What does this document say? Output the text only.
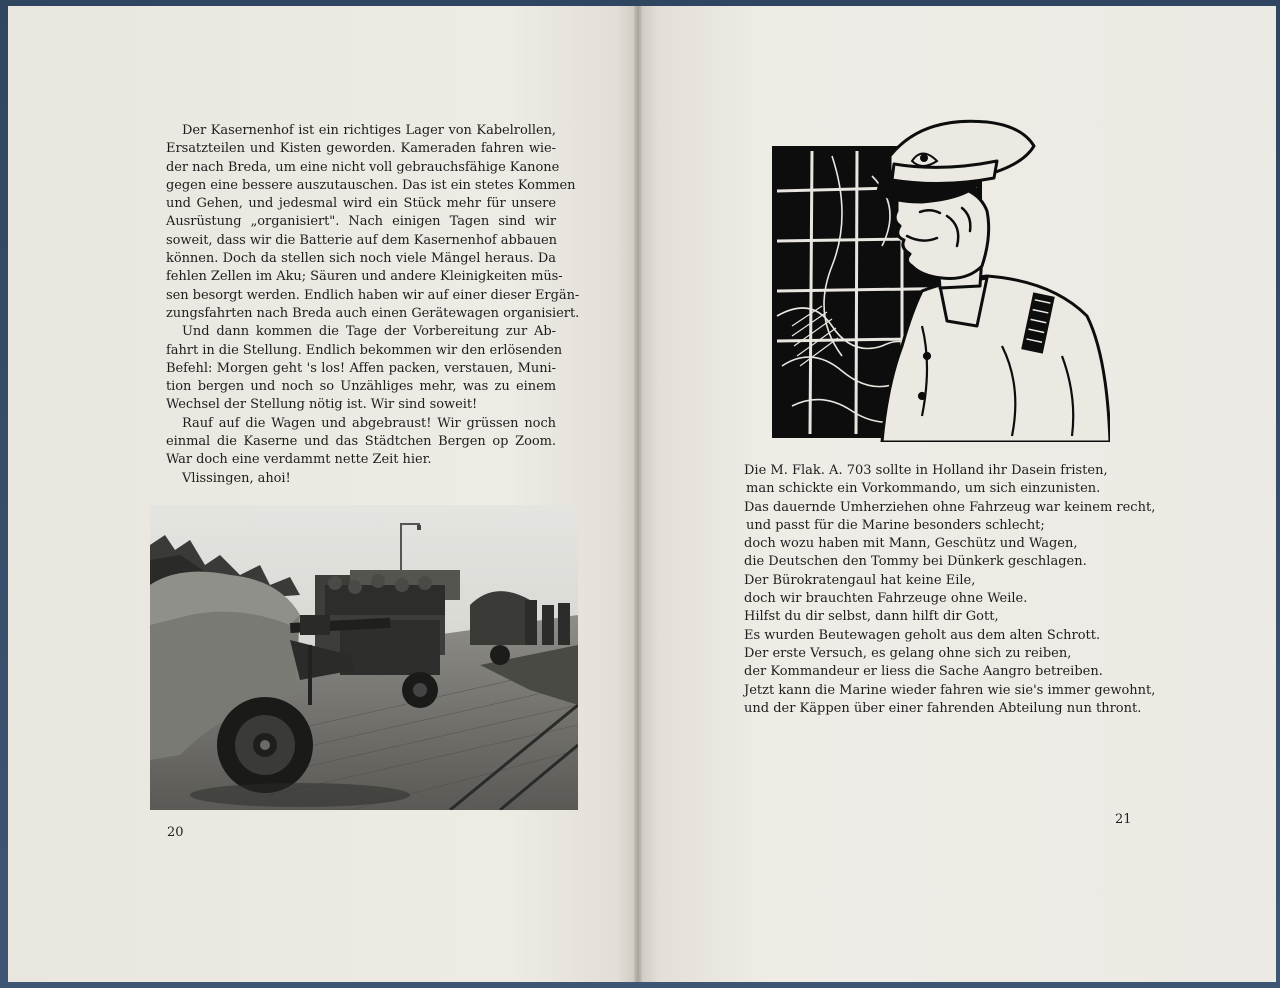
Der Kasernenhof ist ein richtiges Lager von Kabelrollen,
Ersatzteilen und Kisten geworden. Kameraden fahren wie-
der nach Breda, um eine nicht voll gebrauchsfähige Kanone
gegen eine bessere auszutauschen. Das ist ein stetes Kommen
und Gehen, und jedesmal wird ein Stück mehr für unsere
Ausrüstung „organisiert". Nach einigen Tagen sind wir
soweit, dass wir die Batterie auf dem Kasernenhof abbauen
können. Doch da stellen sich noch viele Mängel heraus. Da
fehlen Zellen im Aku; Säuren und andere Kleinigkeiten müs-
sen besorgt werden. Endlich haben wir auf einer dieser Ergän-
zungsfahrten nach Breda auch einen Gerätewagen organisiert.
Und dann kommen die Tage der Vorbereitung zur Ab-
fahrt in die Stellung. Endlich bekommen wir den erlösenden
Befehl: Morgen geht 's los! Affen packen, verstauen, Muni-
tion bergen und noch so Unzähliges mehr, was zu einem
Wechsel der Stellung nötig ist. Wir sind soweit!
Rauf auf die Wagen und abgebraust! Wir grüssen noch
einmal die Kaserne und das Städtchen Bergen op Zoom.
War doch eine verdammt nette Zeit hier.
Vlissingen, ahoi!
20
Die M. Flak. A. 703 sollte in Holland ihr Dasein fristen,
man schickte ein Vorkommando, um sich einzunisten.
Das dauernde Umherziehen ohne Fahrzeug war keinem recht,
und passt für die Marine besonders schlecht;
doch wozu haben mit Mann, Geschütz und Wagen,
die Deutschen den Tommy bei Dünkerk geschlagen.
Der Bürokratengaul hat keine Eile,
doch wir brauchten Fahrzeuge ohne Weile.
Hilfst du dir selbst, dann hilft dir Gott,
Es wurden Beutewagen geholt aus dem alten Schrott.
Der erste Versuch, es gelang ohne sich zu reiben,
der Kommandeur er liess die Sache Aangro betreiben.
Jetzt kann die Marine wieder fahren wie sie's immer gewohnt,
und der Käppen über einer fahrenden Abteilung nun thront.
21
